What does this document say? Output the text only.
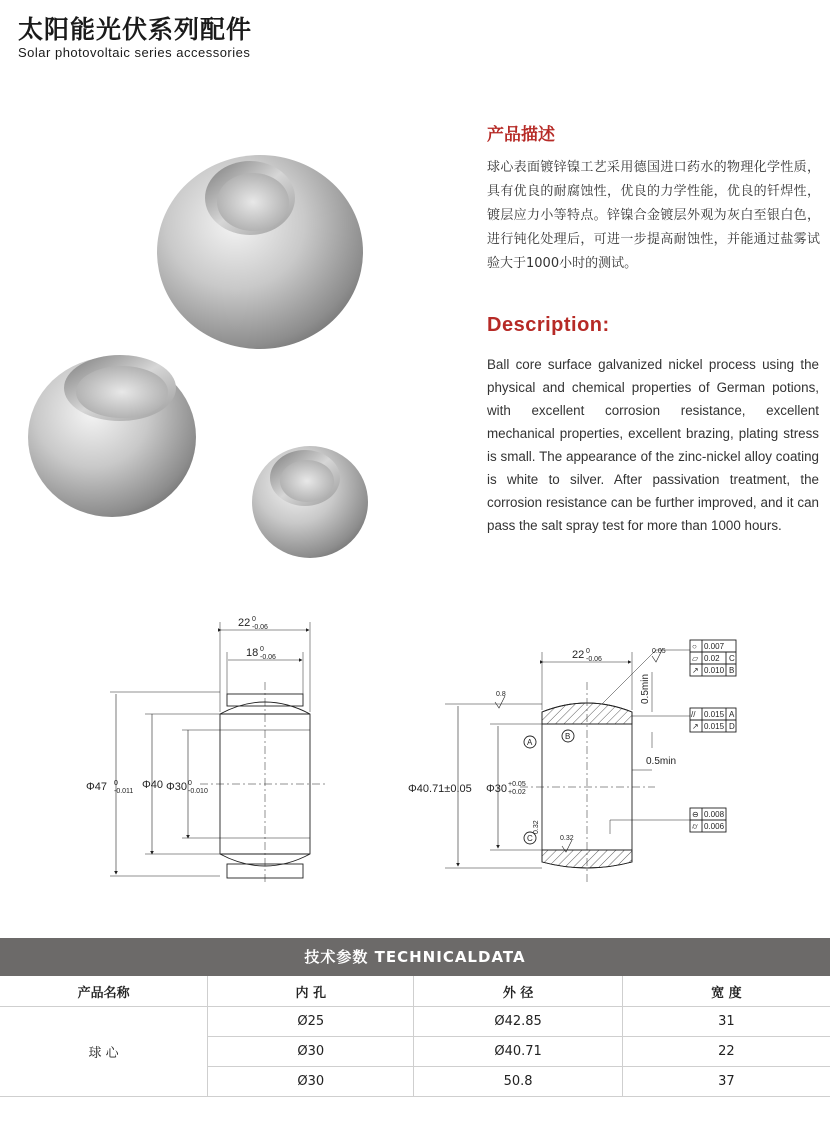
太阳能光伏系列配件
Solar photovoltaic series accessories
产品描述
球心表面镀锌镍工艺采用德国进口药水的物理化学性质，具有优良的耐腐蚀性，优良的力学性能，优良的钎焊性，镀层应力小等特点。锌镍合金镀层外观为灰白至银白色，进行钝化处理后，可进一步提高耐蚀性，并能通过盐雾试验大于1000小时的测试。
Description:
Ball core surface galvanized nickel process using the physical and chemical properties of German potions, with excellent corrosion resistance, excellent mechanical properties, excellent brazing, plating stress is small. The appearance of the zinc-nickel alloy coating is white to silver. After passivation treatment, the corrosion resistance can be further improved, and it can pass the salt spray test for more than 1000 hours.
22 0
-0.06
18 0
-0.06
Φ47 0
-0.011
Φ40 Φ30 0
-0.010
22 0
-0.06
0.05
0.8
0.32
0.32
0.5min
0.5min
Φ40.71±0.05 Φ30 +0.05
+0.02
A
B
C
○ 0.007
▱ 0.02 C
↗ 0.010 B
// 0.015 A
↗ 0.015 D
⊖ 0.008
⌭ 0.006
技术参数 TECHNICALDATA
产品名称	内 孔	外 径	宽 度
球 心	Ø25	Ø42.85	31
	Ø30	Ø40.71	22
	Ø30	50.8	37
